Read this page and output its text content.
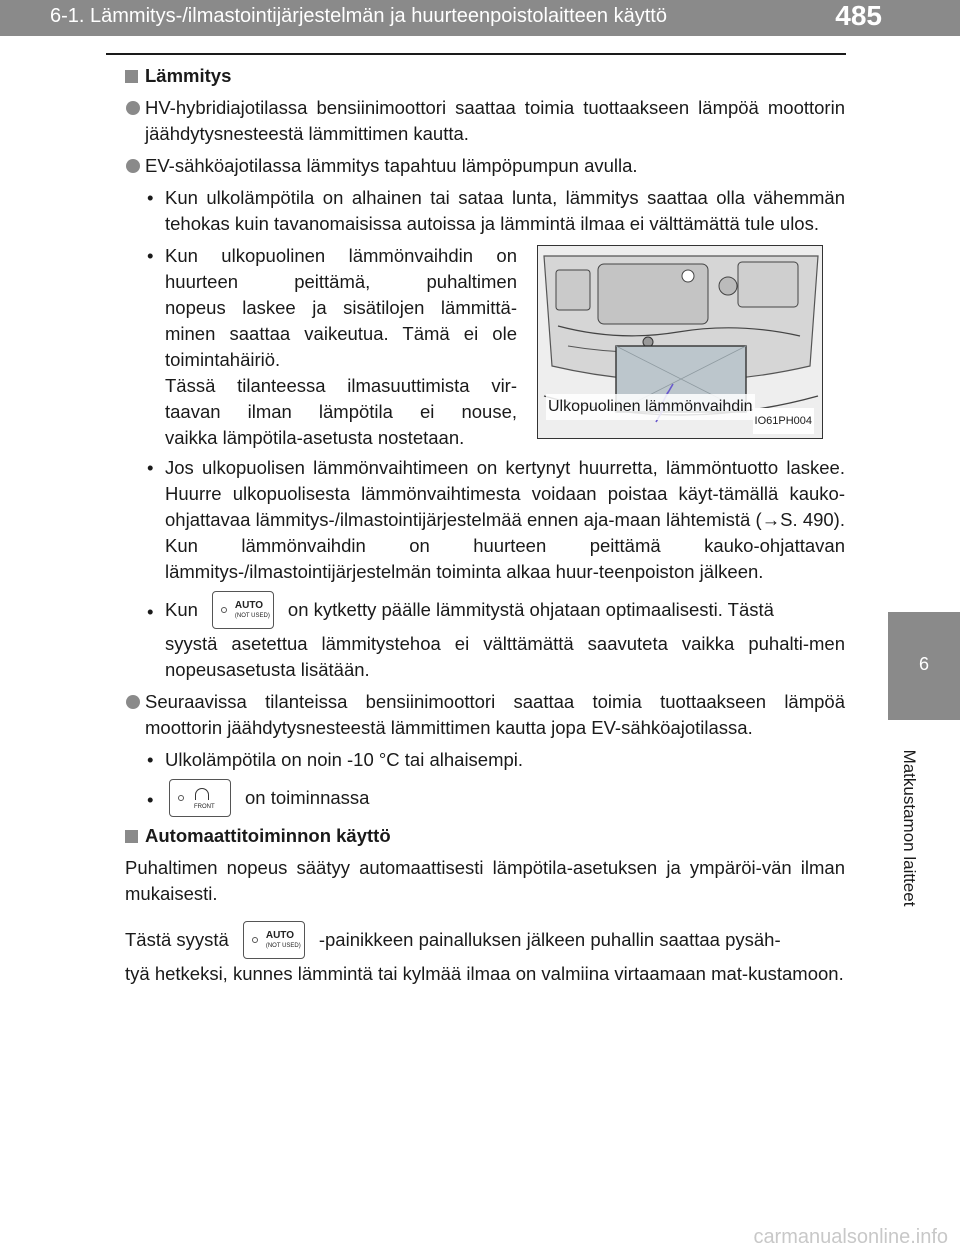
6-1. Lämmitys-/ilmastointijärjestelmän ja huurteenpoistolaitteen käyttö	485
6
Matkustamon laitteet
Lämmitys
HV-hybridiajotilassa bensiinimoottori saattaa toimia tuottaakseen lämpöä moottorin jäähdytysnesteestä lämmittimen kautta.
EV-sähköajotilassa lämmitys tapahtuu lämpöpumpun avulla.
• Kun ulkolämpötila on alhainen tai sataa lunta, lämmitys saattaa olla vähemmän tehokas kuin tavanomaisissa autoissa ja lämmintä ilmaa ei välttämättä tule ulos.
• Kun ulkopuolinen lämmönvaihdin on
huurteen peittämä, puhaltimen
nopeus laskee ja sisätilojen lämmittä-
minen saattaa vaikeutua. Tämä ei ole
toimintahäiriö.
Tässä tilanteessa ilmasuuttimista vir-
taavan ilman lämpötila ei nouse,
vaikka lämpötila-asetusta nostetaan.
Ulkopuolinen lämmönvaihdin
IO61PH004
• Jos ulkopuolisen lämmönvaihtimeen on kertynyt huurretta, lämmöntuotto laskee. Huurre ulkopuolisesta lämmönvaihtimesta voidaan poistaa käyt-tämällä kauko-ohjattavaa lämmitys-/ilmastointijärjestelmää ennen aja-maan lähtemistä (→S. 490). Kun lämmönvaihdin on huurteen peittämä kauko-ohjattavan lämmitys-/ilmastointijärjestelmän toiminta alkaa huur-teenpoiston jälkeen.
• Kun	AUTO
(NOT USED) on kytketty päälle lämmitystä ohjataan optimaalisesti. Tästä
syystä asetettua lämmitystehoa ei välttämättä saavuteta vaikka puhalti-men nopeusasetusta lisätään.
Seuraavissa tilanteissa bensiinimoottori saattaa toimia tuottaakseen lämpöä moottorin jäähdytysnesteestä lämmittimen kautta jopa EV-sähköajotilassa.
• Ulkolämpötila on noin -10 °C tai alhaisempi.
•	FRONT on toiminnassa
Automaattitoiminnon käyttö
Puhaltimen nopeus säätyy automaattisesti lämpötila-asetuksen ja ympäröi-vän ilman mukaisesti.
Tästä syystä	AUTO
(NOT USED) -painikkeen painalluksen jälkeen puhallin saattaa pysäh-
tyä hetkeksi, kunnes lämmintä tai kylmää ilmaa on valmiina virtaamaan mat-kustamoon.
carmanualsonline.info
